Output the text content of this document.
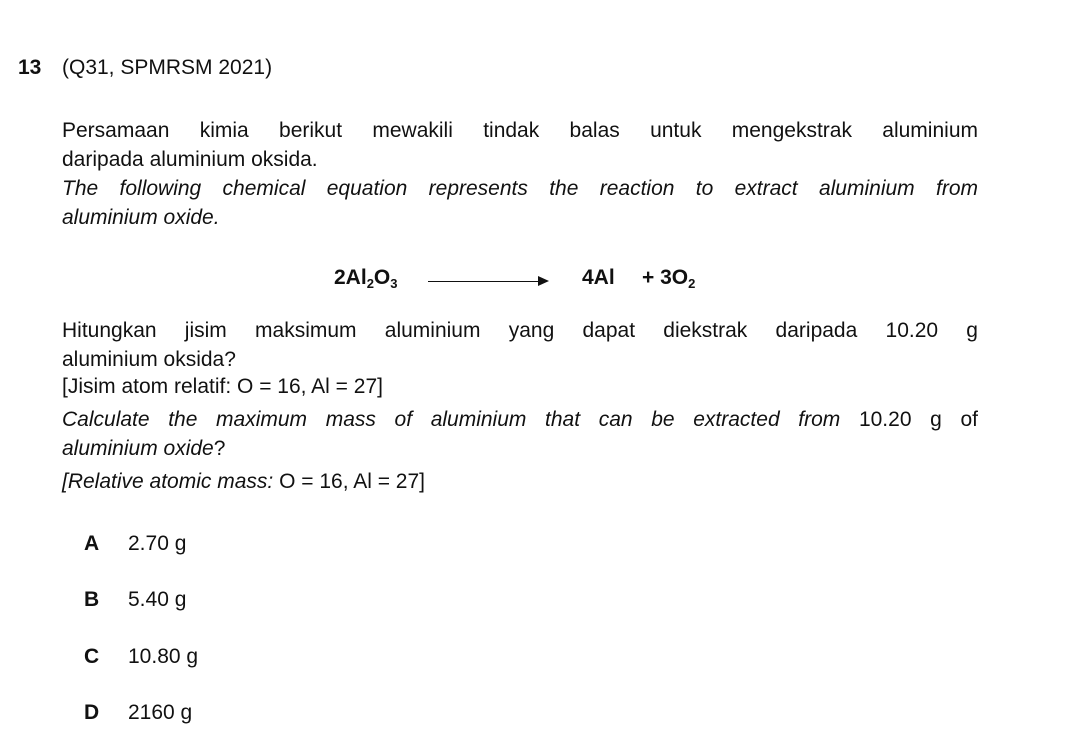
13 (Q31, SPMRSM 2021)
Persamaan kimia berikut mewakili tindak balas untuk mengekstrak aluminium
daripada aluminium oksida.
The following chemical equation represents the reaction to extract aluminium from
aluminium oxide.
$2Al_2O_3$	$4Al + 3O_2$
Hitungkan jisim maksimum aluminium yang dapat diekstrak daripada 10.20 g
aluminium oksida?
[Jisim atom relatif: O = 16, Al = 27]
Calculate the maximum mass of aluminium that can be extracted from 10.20 g of
aluminium oxide?
[Relative atomic mass: O = 16, Al = 27]
A 2.70 g
B 5.40 g
C 10.80 g
D 2160 g
